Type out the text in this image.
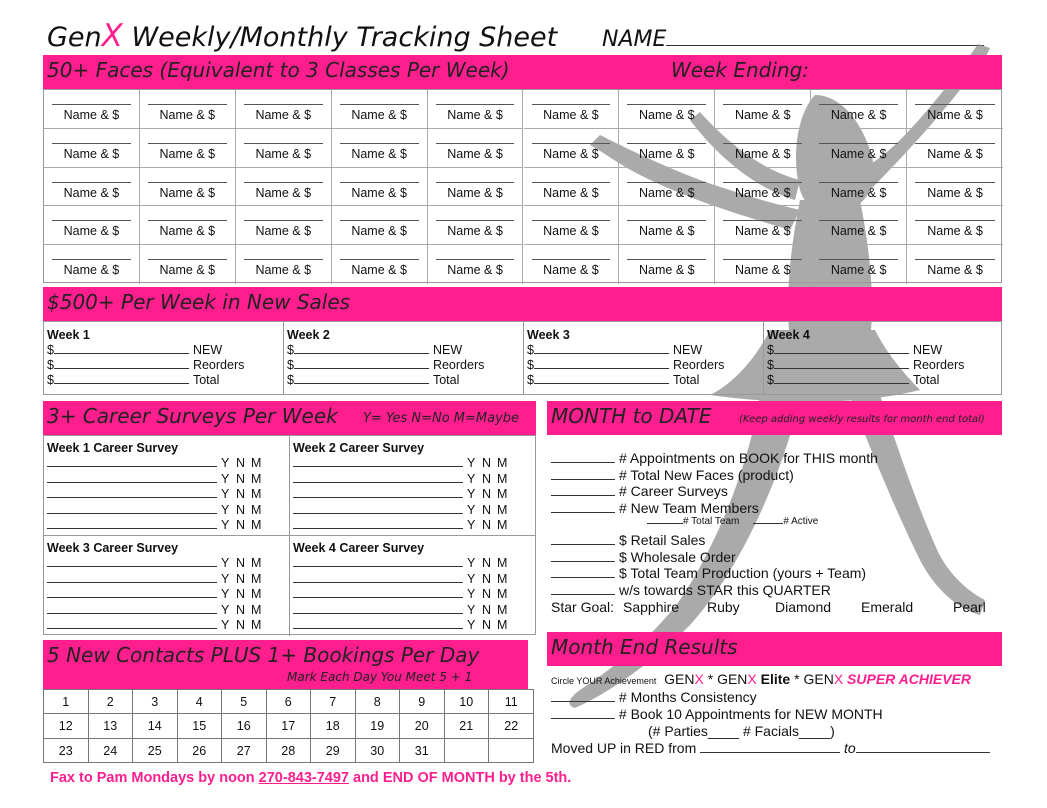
GenX Weekly/Monthly Tracking Sheet NAME
50+ Faces (Equivalent to 3 Classes Per Week)	Week Ending:
Name & $	Name & $	Name & $	Name & $	Name & $	Name & $	Name & $	Name & $	Name & $	Name & $
Name & $	Name & $	Name & $	Name & $	Name & $	Name & $	Name & $	Name & $	Name & $	Name & $
Name & $	Name & $	Name & $	Name & $	Name & $	Name & $	Name & $	Name & $	Name & $	Name & $
Name & $	Name & $	Name & $	Name & $	Name & $	Name & $	Name & $	Name & $	Name & $	Name & $
Name & $	Name & $	Name & $	Name & $	Name & $	Name & $	Name & $	Name & $	Name & $	Name & $
$500+ Per Week in New Sales
Week 1
$	NEW
$	Reorders
$	Total
Week 2
$	NEW
$	Reorders
$	Total
Week 3
$	NEW
$	Reorders
$	Total
Week 4
$	NEW
$	Reorders
$	Total
3+ Career Surveys Per Week Y= Yes N=No M=Maybe
Week 1 Career Survey
Y N M
Y N M
Y N M
Y N M
Y N M
Week 2 Career Survey
Y N M
Y N M
Y N M
Y N M
Y N M
Week 3 Career Survey
Y N M
Y N M
Y N M
Y N M
Y N M
Week 4 Career Survey
Y N M
Y N M
Y N M
Y N M
Y N M
MONTH to DATE	(Keep adding weekly results for month end total)
# Appointments on BOOK for THIS month
# Total New Faces (product)
# Career Surveys
# New Team Members
# Total Team	# Active
$ Retail Sales
$ Wholesale Order
$ Total Team Production (yours + Team)
w/s towards STAR this QUARTER
Star Goal: Sapphire Ruby	Diamond Emerald	Pearl
5 New Contacts PLUS 1+ Bookings Per Day
Mark Each Day You Meet 5 + 1
1	2	3	4	5	6	7	8	9	10	11
12	13	14	15	16	17	18	19	20	21	22
23	24	25	26	27	28	29	30	31
Month End Results
Circle YOUR Achievement GENX * GENX Elite * GENX SUPER ACHIEVER
# Months Consistency
# Book 10 Appointments for NEW MONTH
(# Parties____ # Facials____)
Moved UP in RED from	to
Fax to Pam Mondays by noon 270-843-7497 and END OF MONTH by the 5th.
